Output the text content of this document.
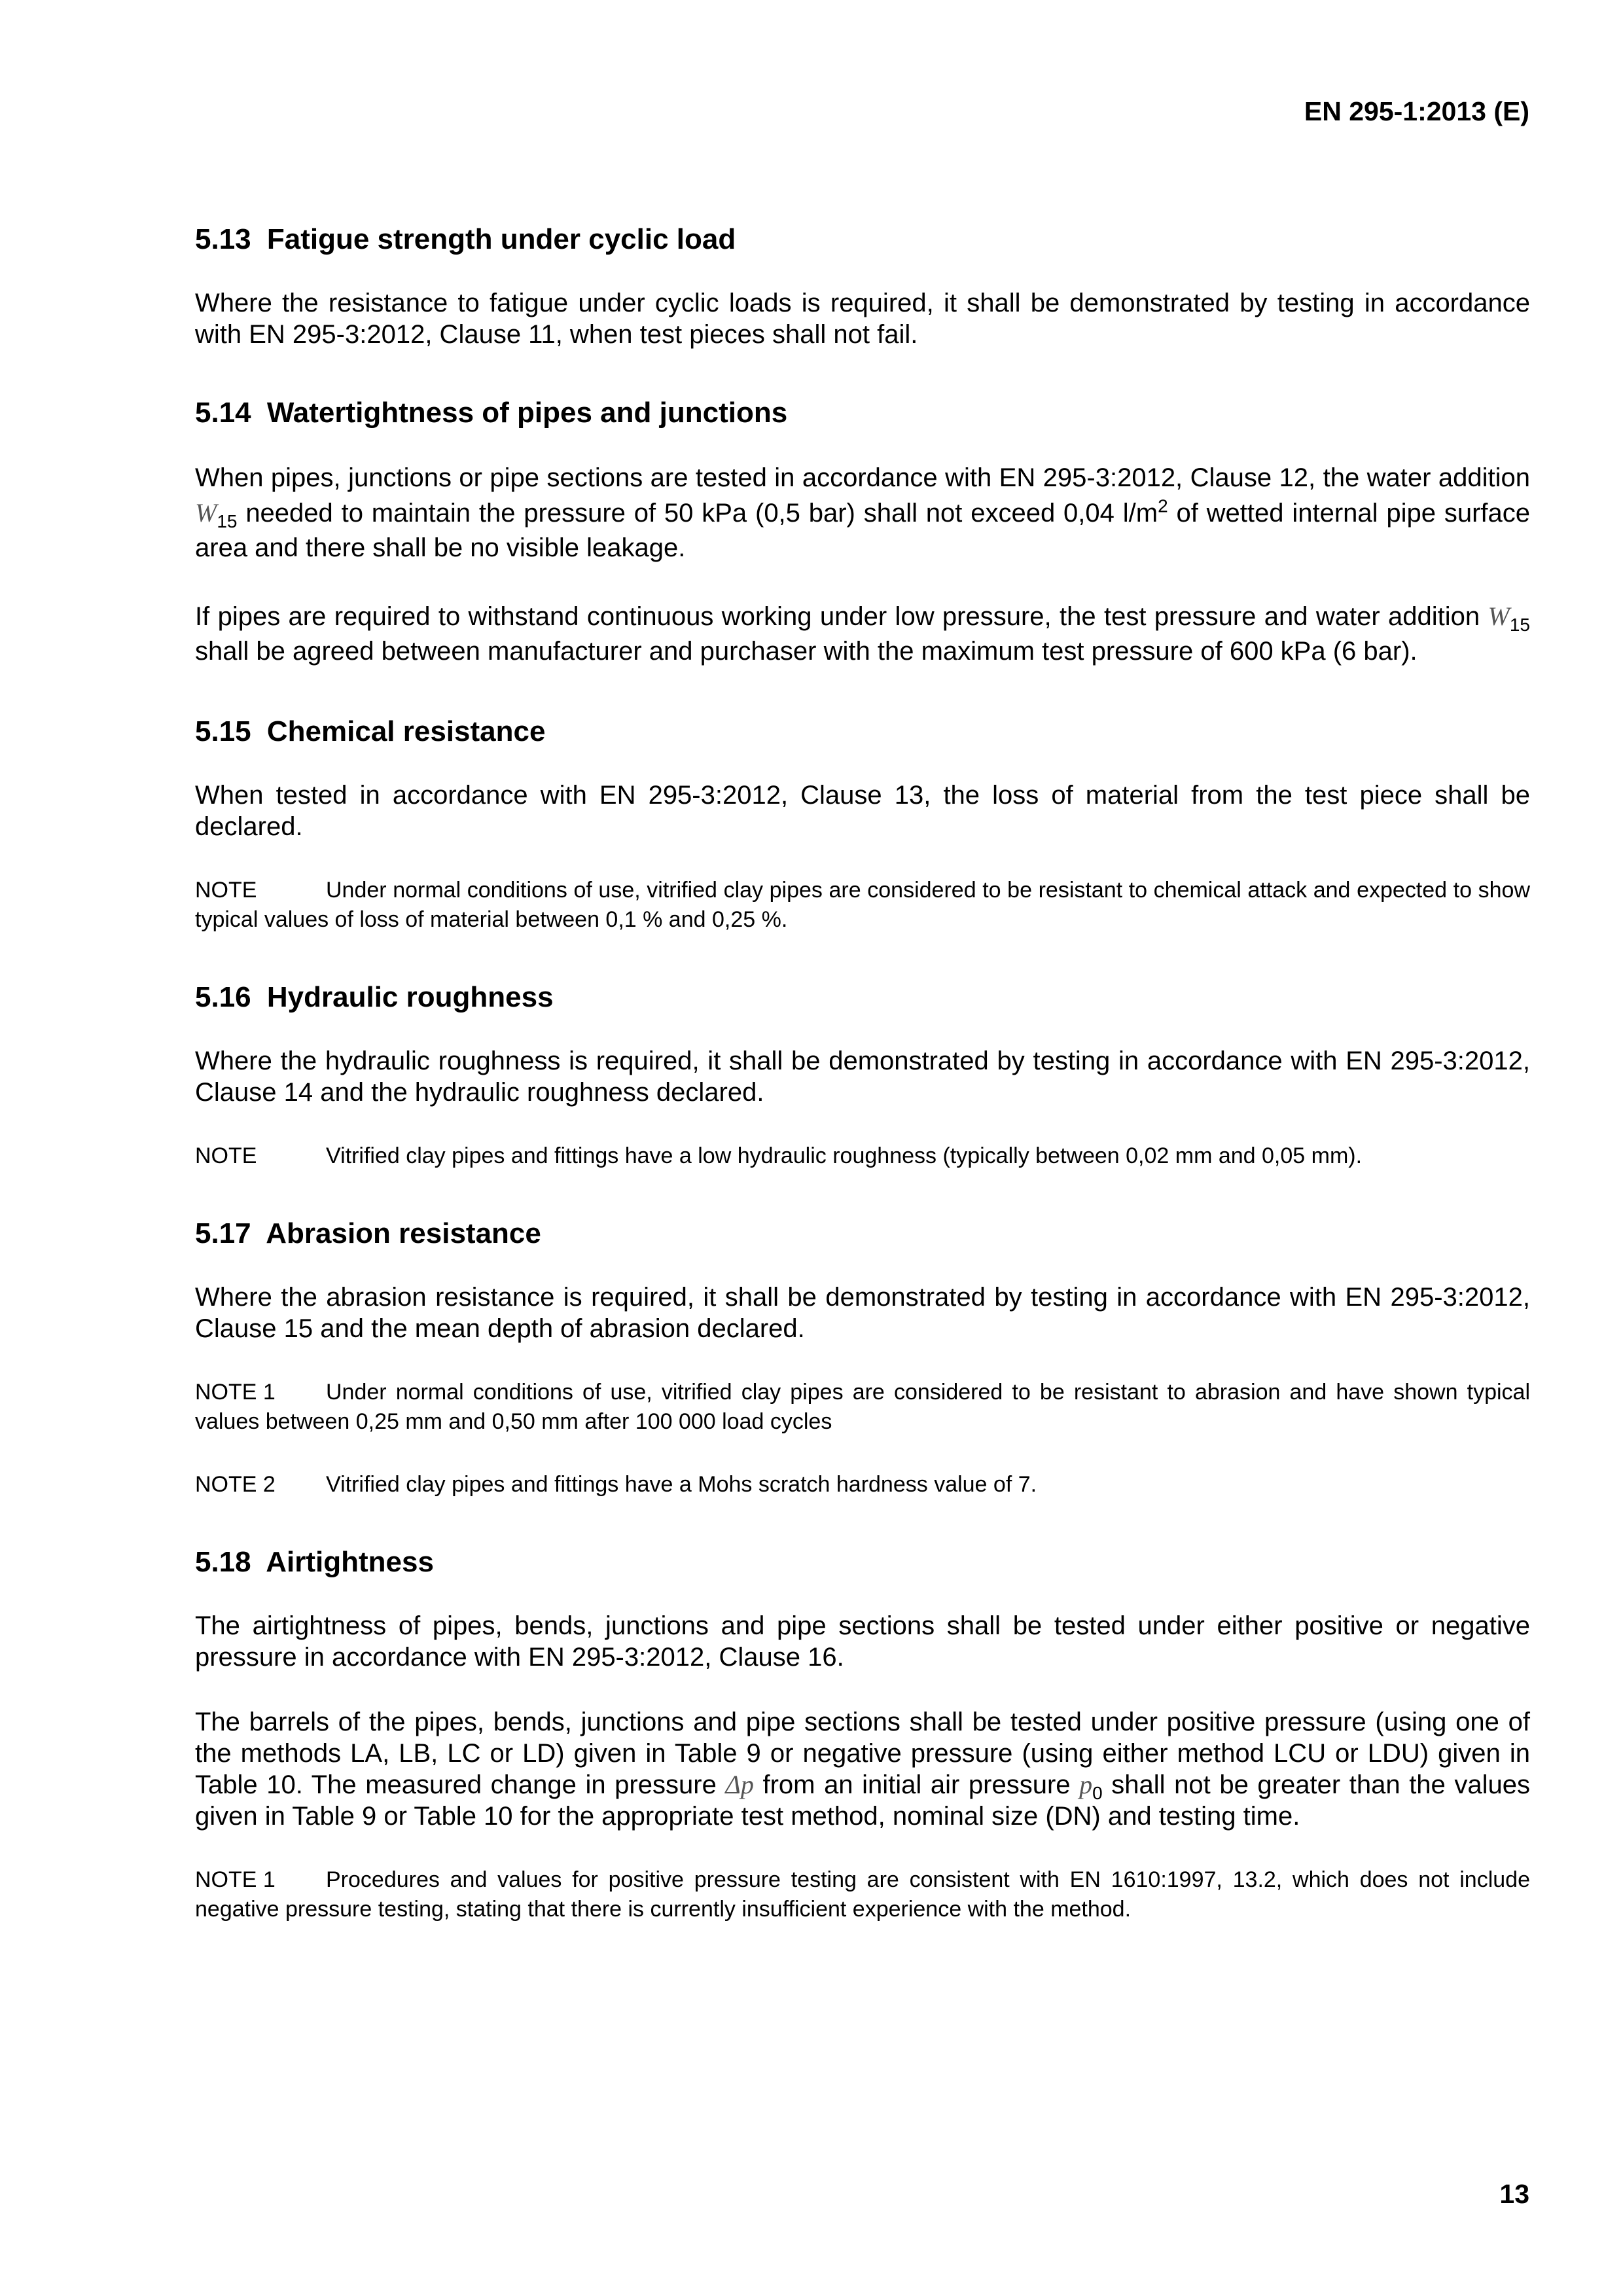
EN 295-1:2013 (E)

5.13 Fatigue strength under cyclic load

Where the resistance to fatigue under cyclic loads is required, it shall be demonstrated by testing in accordance with EN 295-3:2012, Clause 11, when test pieces shall not fail.

5.14 Watertightness of pipes and junctions

When pipes, junctions or pipe sections are tested in accordance with EN 295-3:2012, Clause 12, the water addition $W_{15}$ needed to maintain the pressure of 50 kPa (0,5 bar) shall not exceed 0,04 $l/m^2$ of wetted internal pipe surface area and there shall be no visible leakage.

If pipes are required to withstand continuous working under low pressure, the test pressure and water addition $W_{15}$ shall be agreed between manufacturer and purchaser with the maximum test pressure of 600 kPa (6 bar).

5.15 Chemical resistance

When tested in accordance with EN 295-3:2012, Clause 13, the loss of material from the test piece shall be declared.

NOTE	Under normal conditions of use, vitrified clay pipes are considered to be resistant to chemical attack and expected to show typical values of loss of material between 0,1 % and 0,25 %.

5.16 Hydraulic roughness

Where the hydraulic roughness is required, it shall be demonstrated by testing in accordance with EN 295-3:2012, Clause 14 and the hydraulic roughness declared.

NOTE	Vitrified clay pipes and fittings have a low hydraulic roughness (typically between 0,02 mm and 0,05 mm).

5.17 Abrasion resistance

Where the abrasion resistance is required, it shall be demonstrated by testing in accordance with EN 295-3:2012, Clause 15 and the mean depth of abrasion declared.

NOTE 1 Under normal conditions of use, vitrified clay pipes are considered to be resistant to abrasion and have shown typical values between 0,25 mm and 0,50 mm after 100 000 load cycles

NOTE 2 Vitrified clay pipes and fittings have a Mohs scratch hardness value of 7.

5.18 Airtightness

The airtightness of pipes, bends, junctions and pipe sections shall be tested under either positive or negative pressure in accordance with EN 295-3:2012, Clause 16.

The barrels of the pipes, bends, junctions and pipe sections shall be tested under positive pressure (using one of the methods LA, LB, LC or LD) given in Table 9 or negative pressure (using either method LCU or LDU) given in Table 10. The measured change in pressure Δp from an initial air pressure $p_0$ shall not be greater than the values given in Table 9 or Table 10 for the appropriate test method, nominal size (DN) and testing time.

NOTE 1 Procedures and values for positive pressure testing are consistent with EN 1610:1997, 13.2, which does not include negative pressure testing, stating that there is currently insufficient experience with the method.

13
